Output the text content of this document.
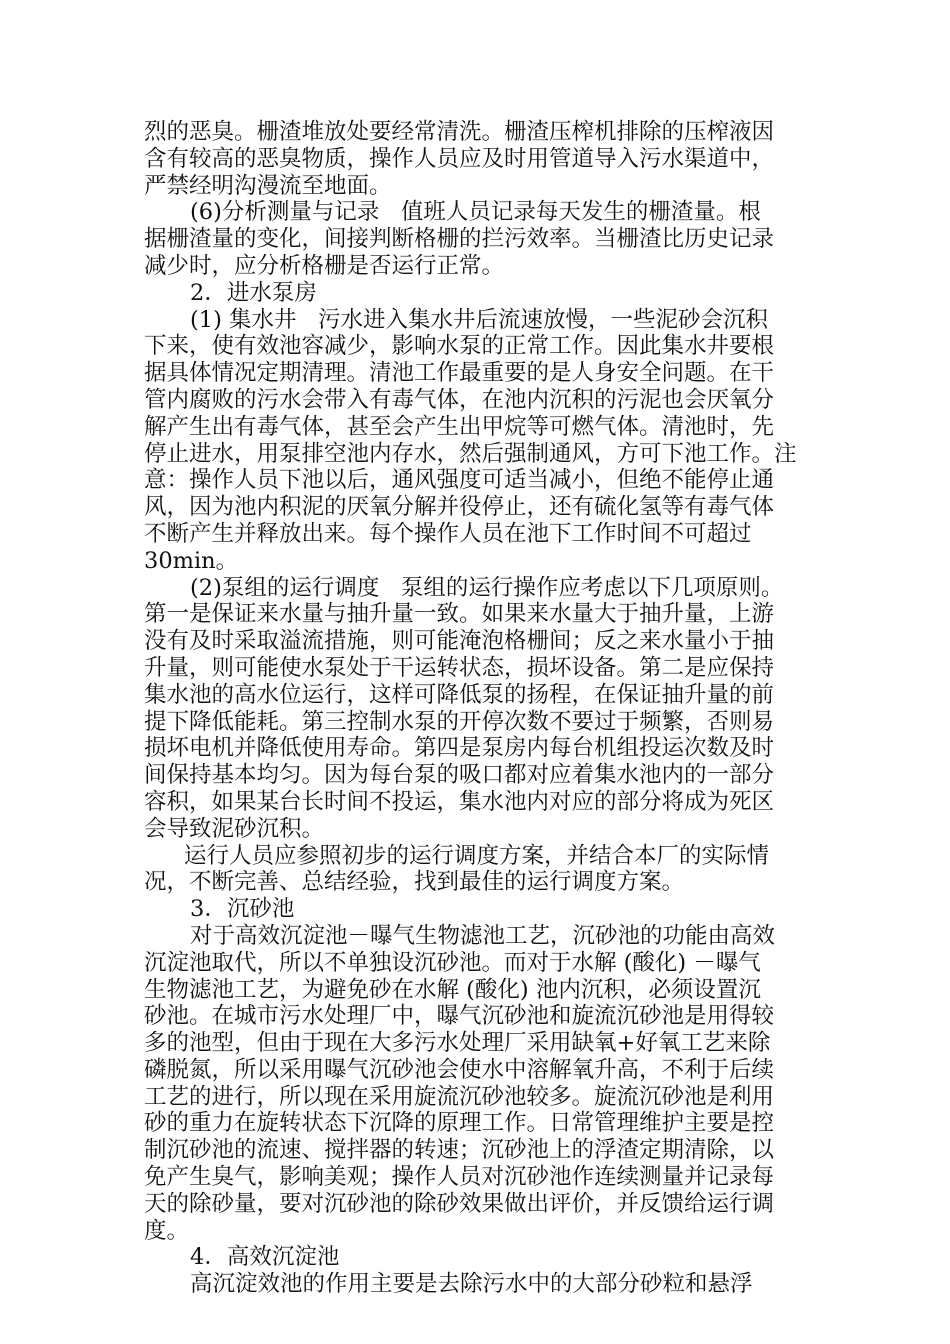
烈的恶臭。栅渣堆放处要经常清洗。栅渣压榨机排除的压榨液因
含有较高的恶臭物质，操作人员应及时用管道导入污水渠道中，
严禁经明沟漫流至地面。
(6)分析测量与记录   值班人员记录每天发生的栅渣量。根
据栅渣量的变化，间接判断格栅的拦污效率。当栅渣比历史记录
减少时，应分析格栅是否运行正常。
2．进水泵房
(1) 集水井   污水进入集水井后流速放慢，一些泥砂会沉积
下来，使有效池容减少，影响水泵的正常工作。因此集水井要根
据具体情况定期清理。清池工作最重要的是人身安全问题。在干
管内腐败的污水会带入有毒气体，在池内沉积的污泥也会厌氧分
解产生出有毒气体，甚至会产生出甲烷等可燃气体。清池时，先
停止进水，用泵排空池内存水，然后强制通风，方可下池工作。注
意：操作人员下池以后，通风强度可适当减小，但绝不能停止通
风，因为池内积泥的厌氧分解并役停止，还有硫化氢等有毒气体
不断产生并释放出来。每个操作人员在池下工作时间不可超过
30min。
(2)泵组的运行调度   泵组的运行操作应考虑以下几项原则。
第一是保证来水量与抽升量一致。如果来水量大于抽升量，上游
没有及时采取溢流措施，则可能淹泡格栅间；反之来水量小于抽
升量，则可能使水泵处于干运转状态，损坏设备。第二是应保持
集水池的高水位运行，这样可降低泵的扬程，在保证抽升量的前
提下降低能耗。第三控制水泵的开停次数不要过于频繁，否则易
损坏电机并降低使用寿命。第四是泵房内每台机组投运次数及时
间保持基本均匀。因为每台泵的吸口都对应着集水池内的一部分
容积，如果某台长时间不投运，集水池内对应的部分将成为死区
会导致泥砂沉积。
运行人员应参照初步的运行调度方案，并结合本厂的实际情
况，不断完善、总结经验，找到最佳的运行调度方案。
3．沉砂池
对于高效沉淀池－曝气生物滤池工艺，沉砂池的功能由高效
沉淀池取代，所以不单独设沉砂池。而对于水解 (酸化) －曝气
生物滤池工艺，为避免砂在水解 (酸化) 池内沉积，必须设置沉
砂池。在城市污水处理厂中，曝气沉砂池和旋流沉砂池是用得较
多的池型，但由于现在大多污水处理厂采用缺氧+好氧工艺来除
磷脱氮，所以采用曝气沉砂池会使水中溶解氧升高，不利于后续
工艺的进行，所以现在采用旋流沉砂池较多。旋流沉砂池是利用
砂的重力在旋转状态下沉降的原理工作。日常管理维护主要是控
制沉砂池的流速、搅拌器的转速；沉砂池上的浮渣定期清除，以
免产生臭气，影响美观；操作人员对沉砂池作连续测量并记录每
天的除砂量，要对沉砂池的除砂效果做出评价，并反馈给运行调
度。
4．高效沉淀池
高沉淀效池的作用主要是去除污水中的大部分砂粒和悬浮
